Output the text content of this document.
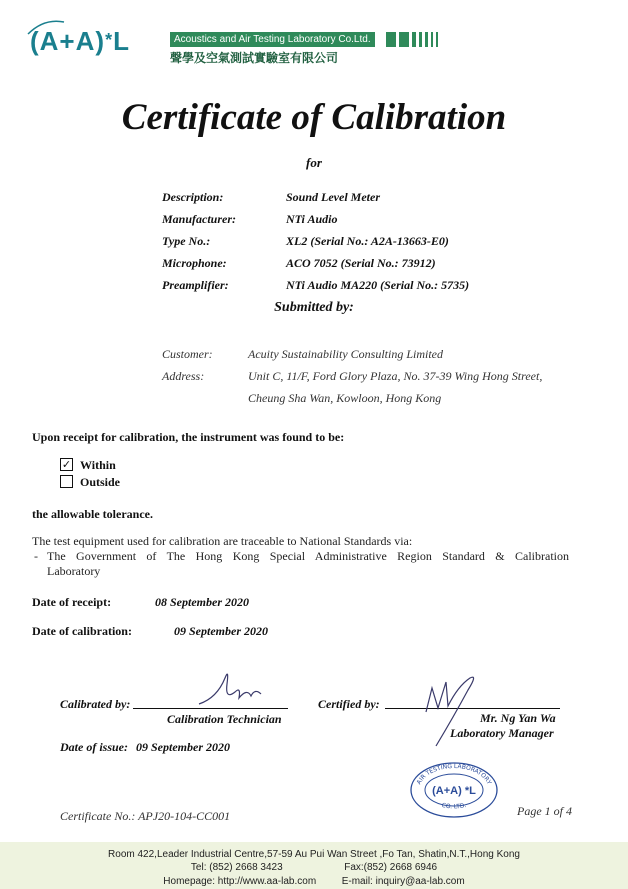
(A+A)*L	Acoustics and Air Testing Laboratory Co.Ltd.
聲學及空氣測試實驗室有限公司
Certificate of Calibration
for
Description:	Sound Level Meter
Manufacturer:	NTi Audio
Type No.:	XL2 (Serial No.: A2A-13663-E0)
Microphone:	ACO 7052 (Serial No.: 73912)
Preamplifier:	NTi Audio MA220 (Serial No.: 5735)
Submitted by:
Customer:	Acuity Sustainability Consulting Limited
Address:	Unit C, 11/F, Ford Glory Plaza, No. 37-39 Wing Hong Street,
Cheung Sha Wan, Kowloon, Hong Kong
Upon receipt for calibration, the instrument was found to be:
✓ Within
Outside
the allowable tolerance.
The test equipment used for calibration are traceable to National Standards via:
- The Government of The Hong Kong Special Administrative Region Standard & Calibration
Laboratory
Date of receipt:	08 September 2020
Date of calibration:	09 September 2020
Calibrated by:
Calibration Technician
Certified by:
Mr. Ng Yan Wa
Laboratory Manager
Date of issue: 09 September 2020
AIR TESTING LABORATORY
CO. LTD.
(A+A) *L
Certificate No.: APJ20-104-CC001	Page 1 of 4
Room 422,Leader Industrial Centre,57-59 Au Pui Wan Street ,Fo Tan, Shatin,N.T.,Hong Kong
Tel: (852) 2668 3423	Fax:(852) 2668 6946
Homepage: http://www.aa-lab.com	E-mail: inquiry@aa-lab.com
